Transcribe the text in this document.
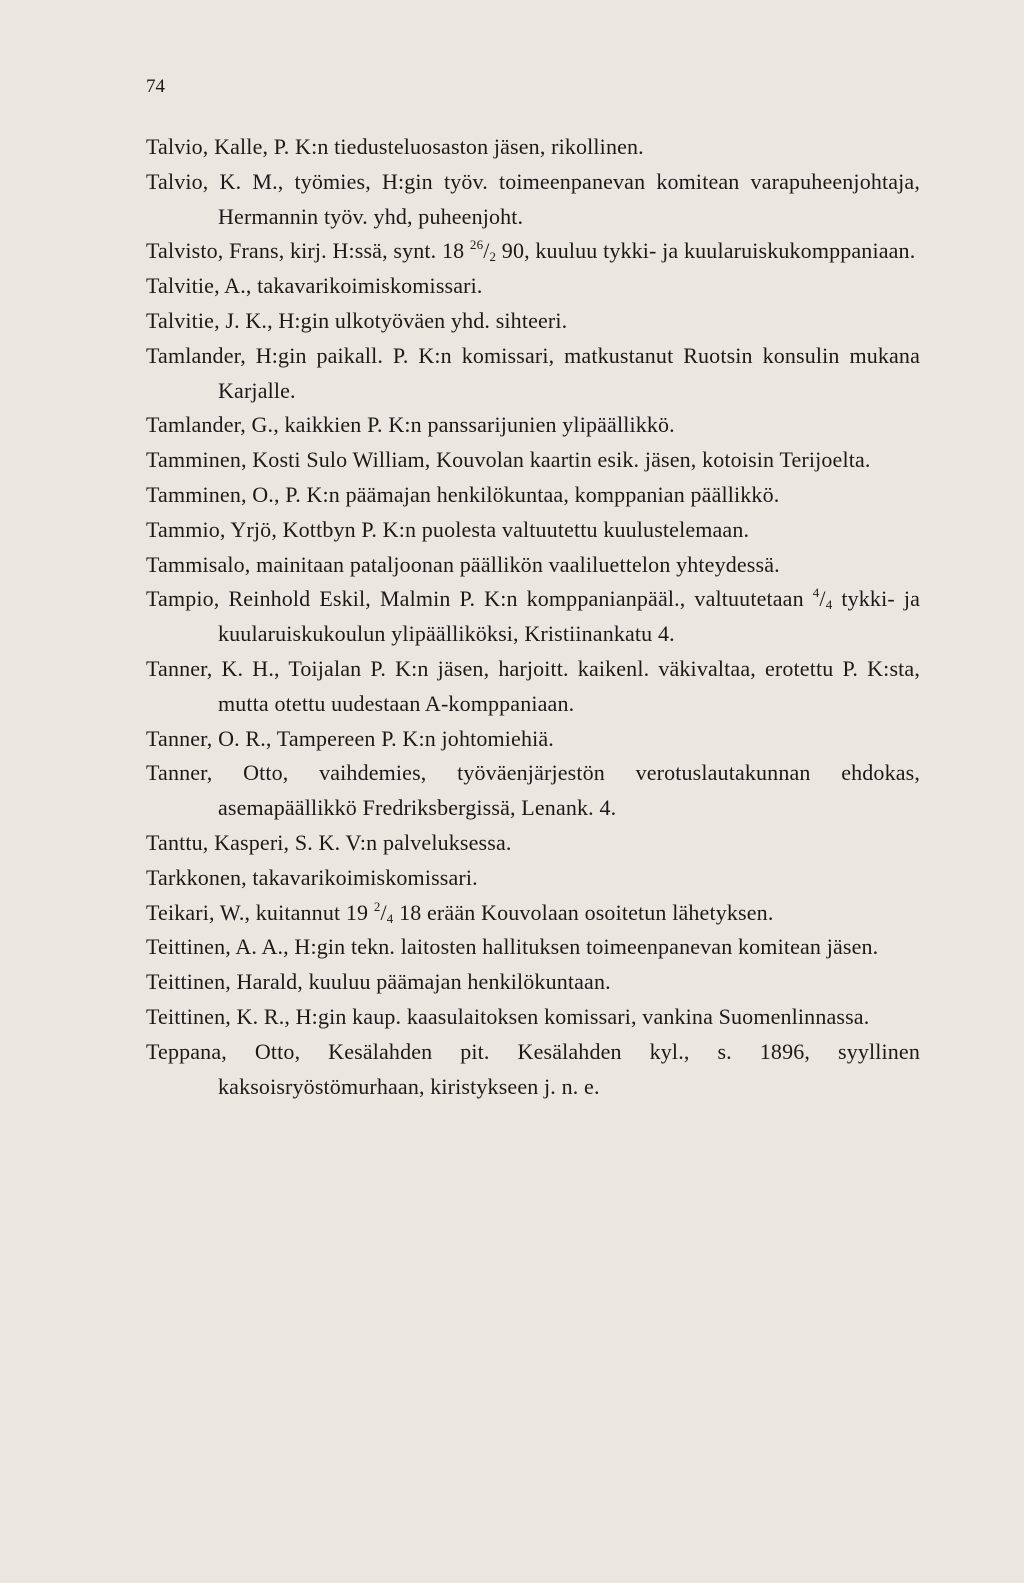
74

Talvio, Kalle, P. K:n tiedusteluosaston jäsen, rikollinen.

Talvio, K. M., työmies, H:gin työv. toimeenpanevan komitean varapuheenjohtaja, Hermannin työv. yhd, puheenjoht.

Talvisto, Frans, kirj. H:ssä, synt. 18 $^{26}/_2$ 90, kuuluu tykki- ja kuularuiskukomppaniaan.

Talvitie, A., takavarikoimiskomissari.

Talvitie, J. K., H:gin ulkotyöväen yhd. sihteeri.

Tamlander, H:gin paikall. P. K:n komissari, matkustanut Ruotsin konsulin mukana Karjalle.

Tamlander, G., kaikkien P. K:n panssarijunien ylipäällikkö.

Tamminen, Kosti Sulo William, Kouvolan kaartin esik. jäsen, kotoisin Terijoelta.

Tamminen, O., P. K:n päämajan henkilökuntaa, komppanian päällikkö.

Tammio, Yrjö, Kottbyn P. K:n puolesta valtuutettu kuulustelemaan.

Tammisalo, mainitaan pataljoonan päällikön vaaliluettelon yhteydessä.

Tampio, Reinhold Eskil, Malmin P. K:n komppanianpääl., valtuutetaan $^4/_4$ tykki- ja kuularuiskukoulun ylipäälliköksi, Kristiinankatu 4.

Tanner, K. H., Toijalan P. K:n jäsen, harjoitt. kaikenl. väkivaltaa, erotettu P. K:sta, mutta otettu uudestaan A-komppaniaan.

Tanner, O. R., Tampereen P. K:n johtomiehiä.

Tanner, Otto, vaihdemies, työväenjärjestön verotuslautakunnan ehdokas, asemapäällikkö Fredriksbergissä, Lenank. 4.

Tanttu, Kasperi, S. K. V:n palveluksessa.

Tarkkonen, takavarikoimiskomissari.

Teikari, W., kuitannut 19 $^2/_4$ 18 erään Kouvolaan osoitetun lähetyksen.

Teittinen, A. A., H:gin tekn. laitosten hallituksen toimeenpanevan komitean jäsen.

Teittinen, Harald, kuuluu päämajan henkilökuntaan.

Teittinen, K. R., H:gin kaup. kaasulaitoksen komissari, vankina Suomenlinnassa.

Teppana, Otto, Kesälahden pit. Kesälahden kyl., s. 1896, syyllinen kaksoisryöstömurhaan, kiristykseen j. n. e.
